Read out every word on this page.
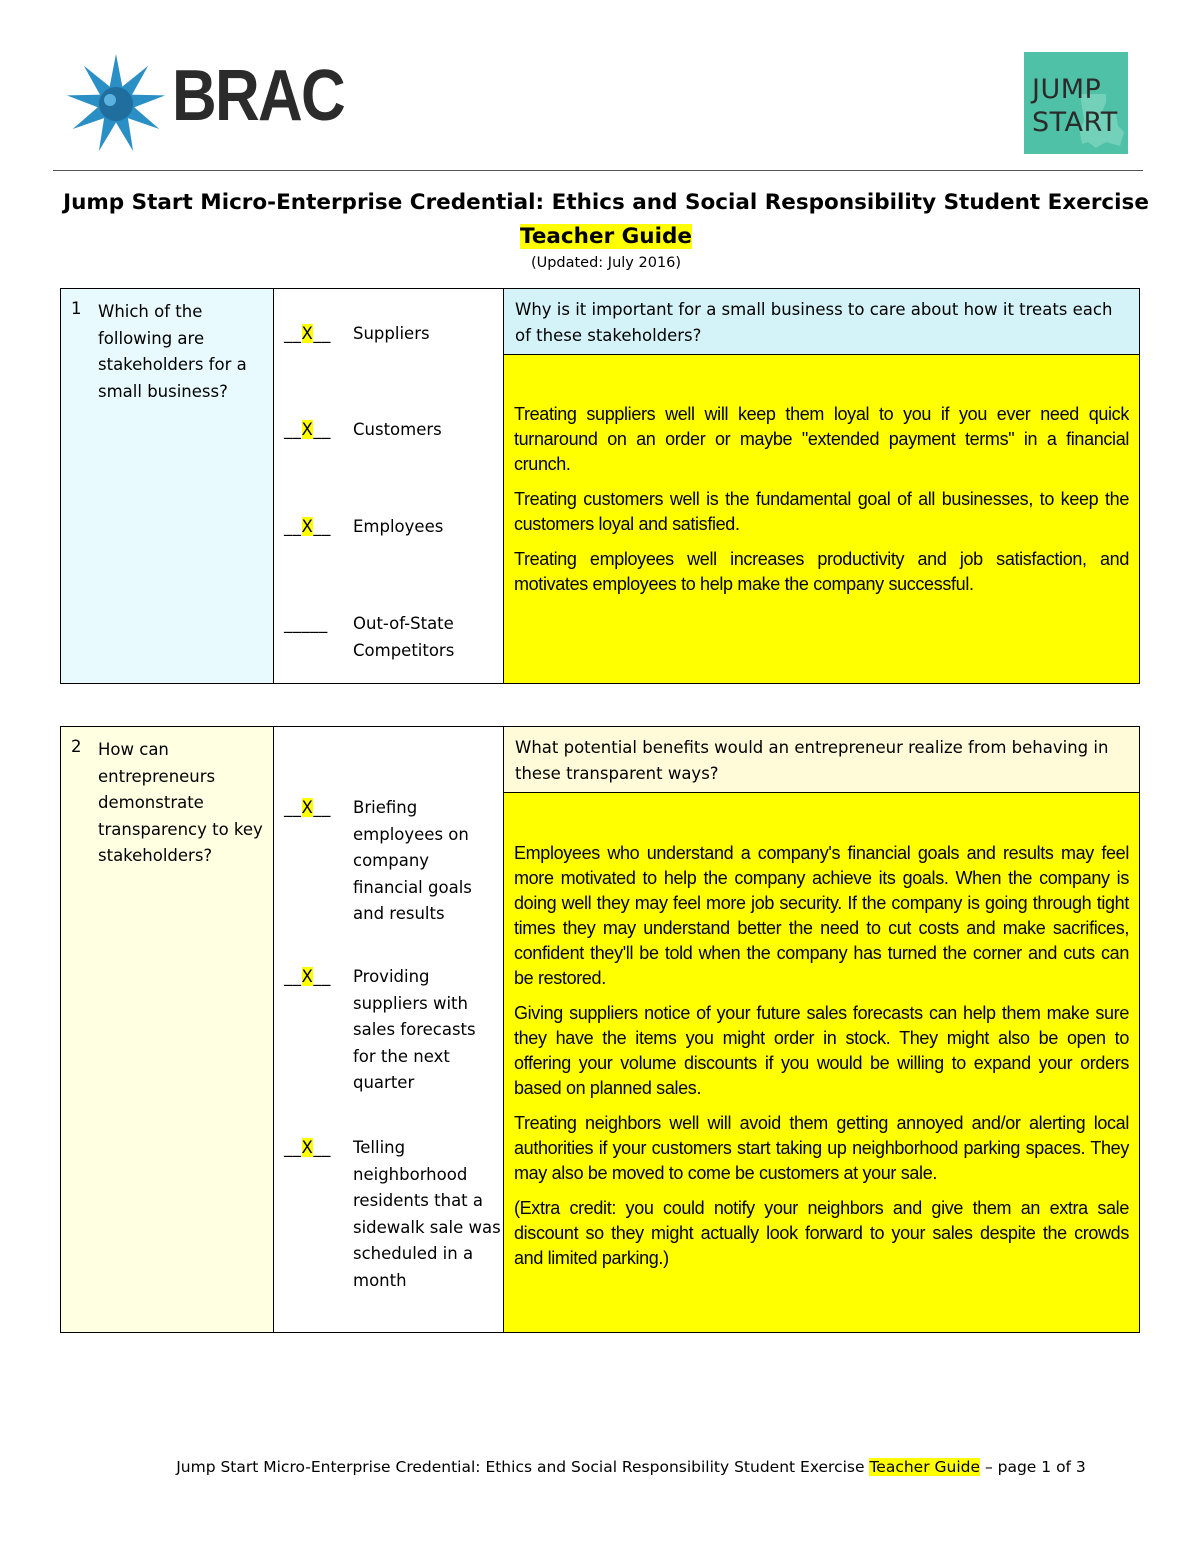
BRAC	JUMP
START
Jump Start Micro-Enterprise Credential: Ethics and Social Responsibility Student Exercise
Teacher Guide
(Updated: July 2016)
1 Which of the following are stakeholders for a small business?
__X__ Suppliers
__X__ Customers
__X__ Employees
_____ Out-of-State Competitors
Why is it important for a small business to care about how it treats each of these stakeholders?

Treating suppliers well will keep them loyal to you if you ever need quick turnaround on an order or maybe "extended payment terms" in a financial crunch.

Treating customers well is the fundamental goal of all businesses, to keep the customers loyal and satisfied.

Treating employees well increases productivity and job satisfaction, and motivates employees to help make the company successful.

2 How can entrepreneurs demonstrate transparency to key stakeholders?
__X__ Briefing employees on company financial goals and results
__X__ Providing suppliers with sales forecasts for the next quarter
__X__ Telling neighborhood residents that a sidewalk sale was scheduled in a month
What potential benefits would an entrepreneur realize from behaving in these transparent ways?

Employees who understand a company's financial goals and results may feel more motivated to help the company achieve its goals. When the company is doing well they may feel more job security. If the company is going through tight times they may understand better the need to cut costs and make sacrifices, confident they'll be told when the company has turned the corner and cuts can be restored.

Giving suppliers notice of your future sales forecasts can help them make sure they have the items you might order in stock. They might also be open to offering your volume discounts if you would be willing to expand your orders based on planned sales.

Treating neighbors well will avoid them getting annoyed and/or alerting local authorities if your customers start taking up neighborhood parking spaces. They may also be moved to come be customers at your sale.

(Extra credit: you could notify your neighbors and give them an extra sale discount so they might actually look forward to your sales despite the crowds and limited parking.)

Jump Start Micro-Enterprise Credential: Ethics and Social Responsibility Student Exercise Teacher Guide – page 1 of 3
